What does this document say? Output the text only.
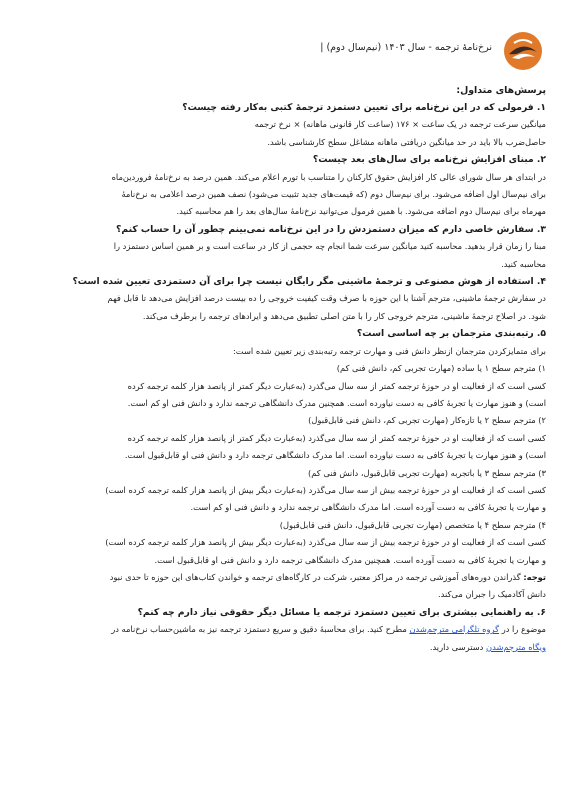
نرخ‌نامهٔ ترجمه - سال ۱۴۰۳ (نیم‌سال دوم) |

پرسش‌های متداول:

۱. فرمولی که در این نرخ‌نامه برای تعیین دستمزد ترجمهٔ کتبی به‌کار رفته چیست؟

میانگین سرعت ترجمه در یک ساعت × ۱۷۶ (ساعت کار قانونی ماهانه) × نرخ ترجمه

حاصل‌ضرب بالا باید در حد میانگین دریافتی ماهانه مشاغل سطح کارشناسی باشد.

۲. مبنای افزایش نرخ‌نامه برای سال‌های بعد چیست؟

در ابتدای هر سال شورای عالی کار افزایش حقوق کارکنان را متناسب با تورم اعلام می‌کند. همین درصد به نرخ‌نامهٔ فروردین‌ماه

برای نیم‌سال اول اضافه می‌شود. برای نیم‌سال دوم (که قیمت‌های جدید تثبیت می‌شود) نصف همین درصد اعلامی به نرخ‌نامهٔ

مهرماه برای نیم‌سال دوم اضافه می‌شود. با همین فرمول می‌توانید نرخ‌نامهٔ سال‌های بعد را هم محاسبه کنید.

۳. سفارش خاصی دارم که میزان دستمزدش را در این نرخ‌نامه نمی‌بینم چطور آن را حساب کنم؟

مبنا را زمان قرار بدهید. محاسبه کنید میانگین سرعت شما انجام چه حجمی از کار در ساعت است و بر همین اساس دستمزد را

محاسبه کنید.

۴. استفاده از هوش مصنوعی و ترجمهٔ ماشینی مگر رایگان نیست چرا برای آن دستمزدی تعیین شده است؟

در سفارش ترجمهٔ ماشینی، مترجم آشنا با این حوزه با صرف وقت کیفیت خروجی را ده بیست درصد افزایش می‌دهد تا قابل فهم

شود. در اصلاح ترجمهٔ ماشینی، مترجم خروجی کار را با متن اصلی تطبیق می‌دهد و ایرادهای ترجمه را برطرف می‌کند.

۵. رتبه‌بندی مترجمان بر چه اساسی است؟

برای متمایزکردن مترجمان ازنظر دانش فنی و مهارت ترجمه رتبه‌بندی زیر تعیین شده است:

۱) مترجم سطح ۱ یا ساده (مهارت تجربی کم، دانش فنی کم)

کسی است که از فعالیت او در حوزهٔ ترجمه کمتر از سه سال می‌گذرد (به‌عبارت دیگر کمتر از پانصد هزار کلمه ترجمه کرده

است) و هنوز مهارت یا تجربهٔ کافی به دست نیاورده است. همچنین مدرک دانشگاهی ترجمه ندارد و دانش فنی او کم است.

۲) مترجم سطح ۲ یا تازه‌کار (مهارت تجربی کم، دانش فنی قابل‌قبول)

کسی است که از فعالیت او در حوزهٔ ترجمه کمتر از سه سال می‌گذرد (به‌عبارت دیگر کمتر از پانصد هزار کلمه ترجمه کرده

است) و هنوز مهارت یا تجربهٔ کافی به دست نیاورده است. اما مدرک دانشگاهی ترجمه دارد و دانش فنی او قابل‌قبول است.

۳) مترجم سطح ۳ یا باتجربه (مهارت تجربی قابل‌قبول، دانش فنی کم)

کسی است که از فعالیت او در حوزهٔ ترجمه بیش از سه سال می‌گذرد (به‌عبارت دیگر بیش از پانصد هزار کلمه ترجمه کرده است)

و مهارت یا تجربهٔ کافی به دست آورده است. اما مدرک دانشگاهی ترجمه ندارد و دانش فنی او کم است.

۴) مترجم سطح ۴ یا متخصص (مهارت تجربی قابل‌قبول، دانش فنی قابل‌قبول)

کسی است که از فعالیت او در حوزهٔ ترجمه بیش از سه سال می‌گذرد (به‌عبارت دیگر بیش از پانصد هزار کلمه ترجمه کرده است)

و مهارت یا تجربهٔ کافی به دست آورده است. همچنین مدرک دانشگاهی ترجمه دارد و دانش فنی او قابل‌قبول است.

توجه: گذراندن دوره‌های آموزشی ترجمه در مراکز معتبر، شرکت در کارگاه‌های ترجمه و خواندن کتاب‌های این حوزه تا حدی نبود

دانش آکادمیک را جبران می‌کند.

۶. به راهنمایی بیشتری برای تعیین دستمزد ترجمه یا مسائل دیگر حقوقی نیاز دارم چه کنم؟

موضوع را در گروه تلگرامی مترجم‌شدن مطرح کنید. برای محاسبهٔ دقیق و سریع دستمزد ترجمه نیز به ماشین‌حساب نرخ‌نامه در

ویگاه مترجم‌شدن دسترسی دارید.
